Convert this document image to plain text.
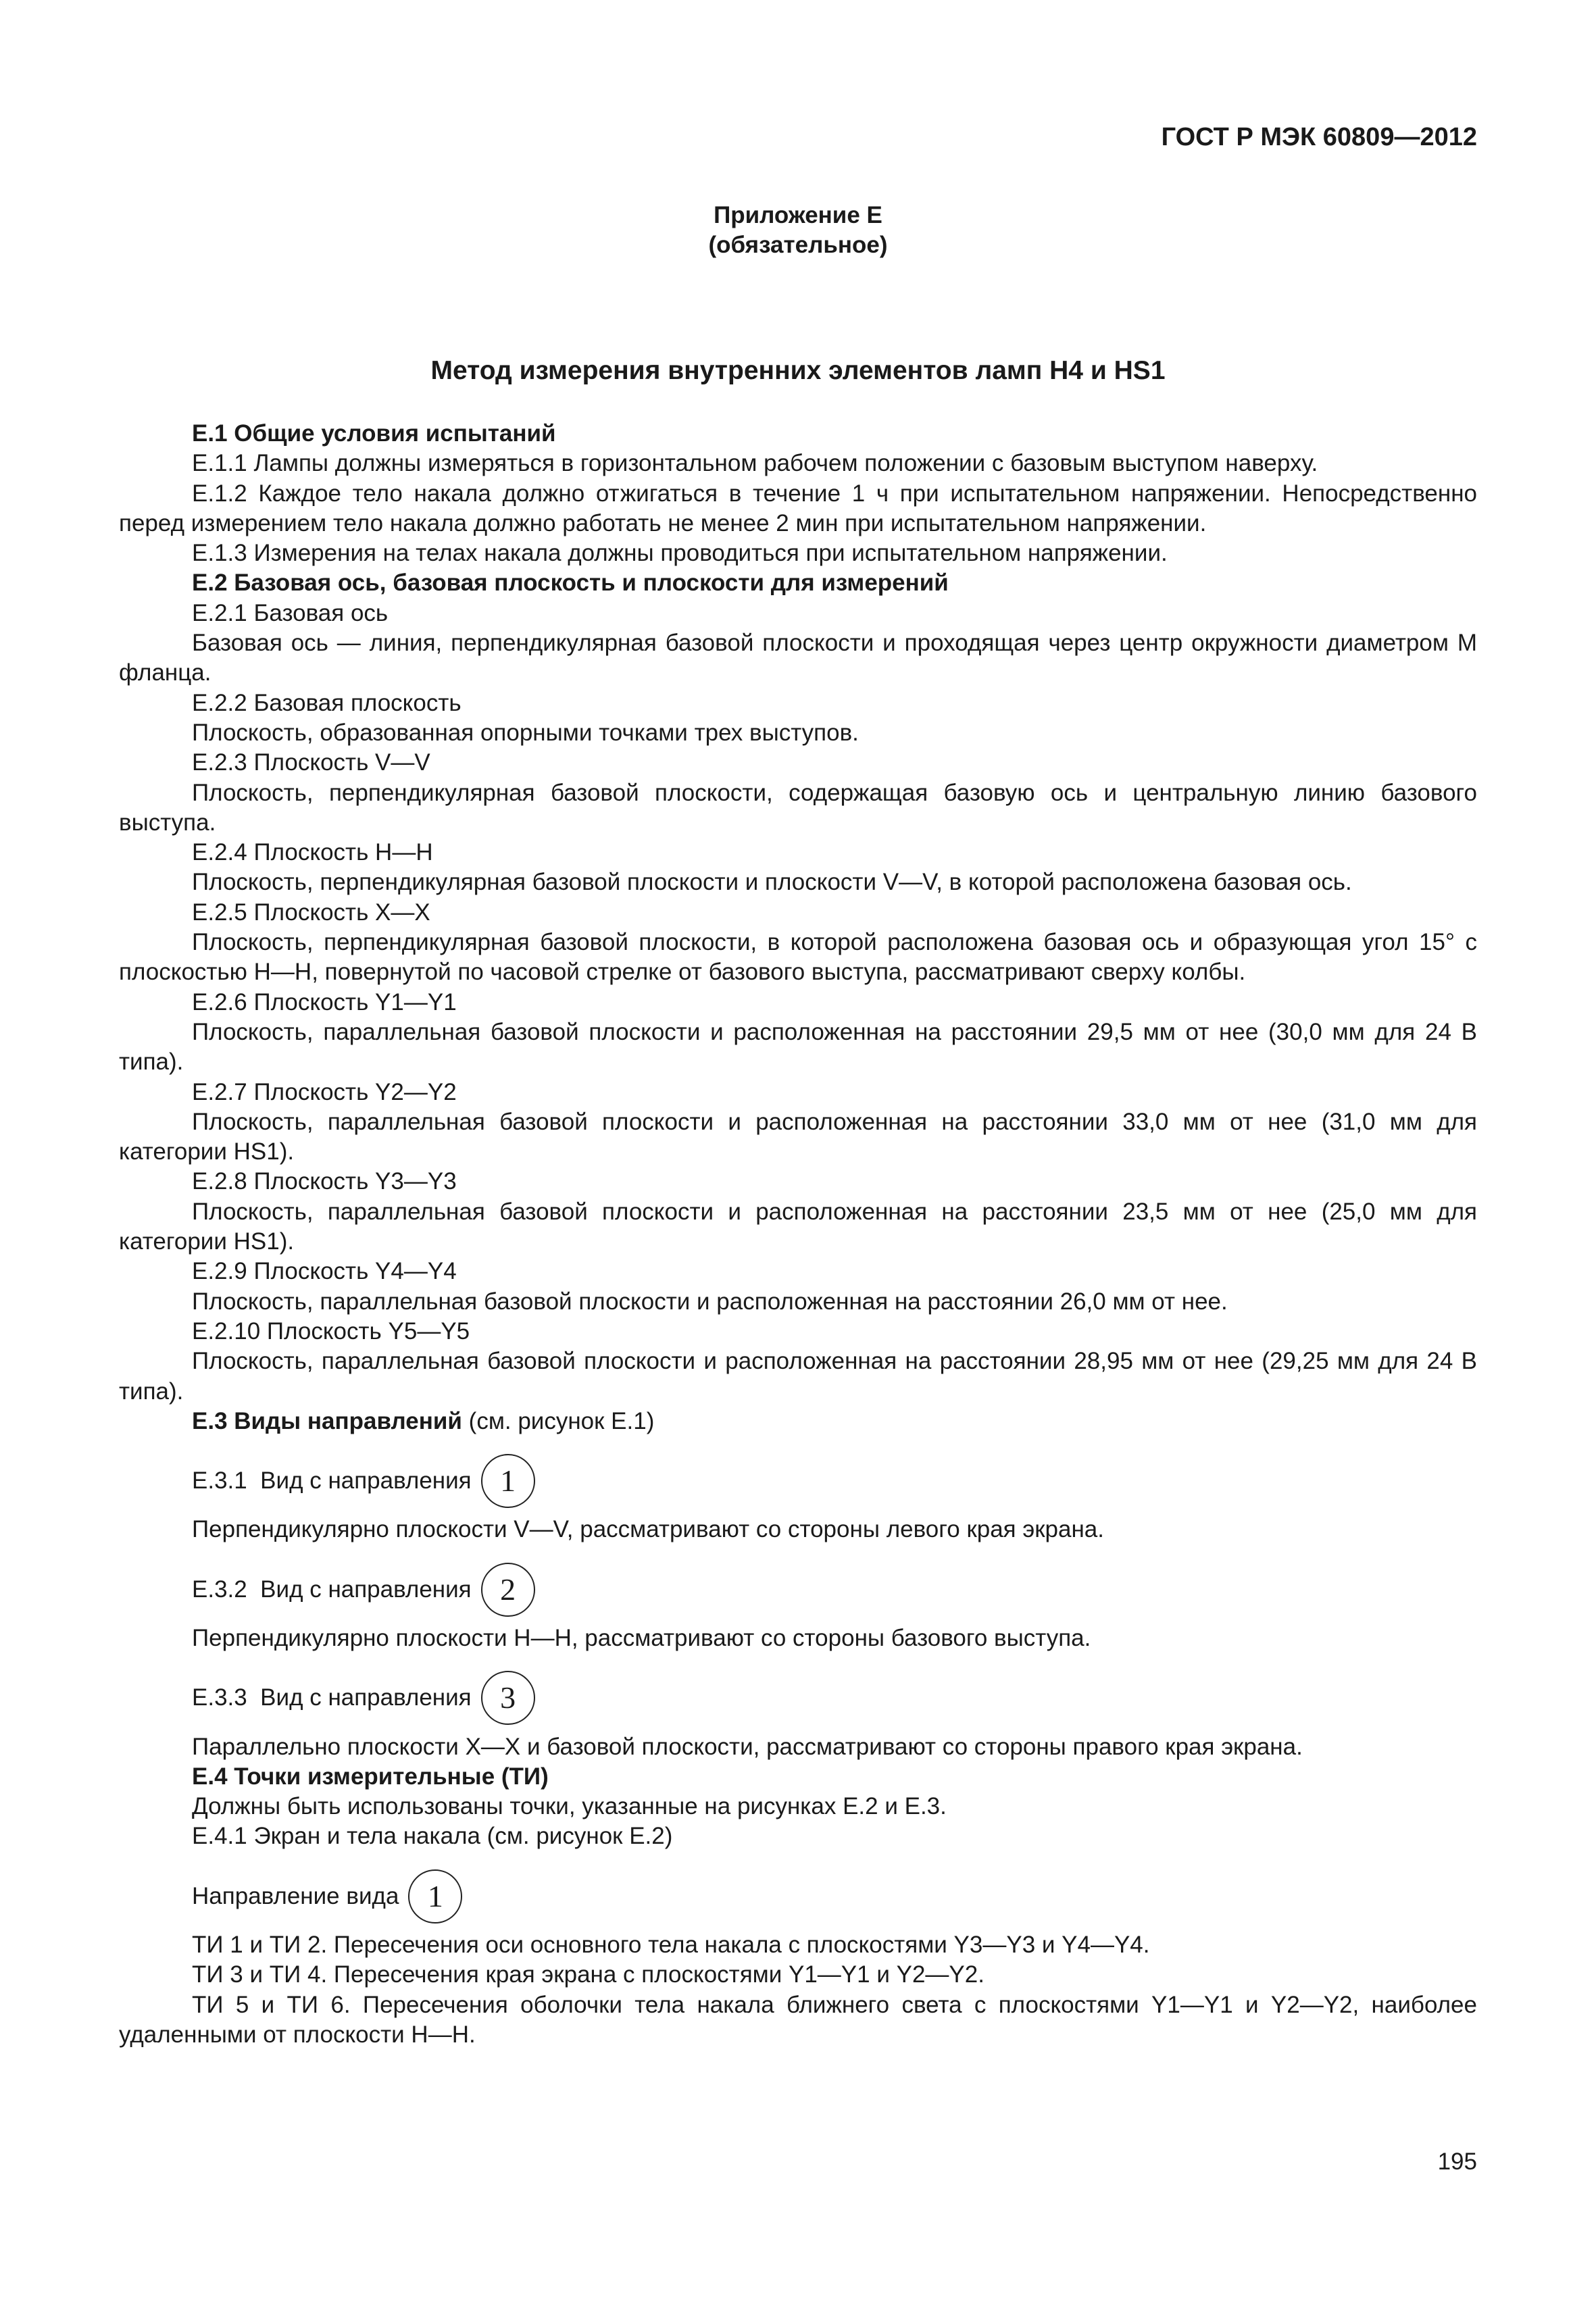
ГОСТ Р МЭК 60809—2012
Приложение Е
(обязательное)
Метод измерения внутренних элементов ламп Н4 и HS1

Е.1 Общие условия испытаний

Е.1.1 Лампы должны измеряться в горизонтальном рабочем положении с базовым выступом наверху.

Е.1.2 Каждое тело накала должно отжигаться в течение 1 ч при испытательном напряжении. Непосредственно перед измерением тело накала должно работать не менее 2 мин при испытательном напряжении.

Е.1.3 Измерения на телах накала должны проводиться при испытательном напряжении.

Е.2 Базовая ось, базовая плоскость и плоскости для измерений

Е.2.1 Базовая ось

Базовая ось — линия, перпендикулярная базовой плоскости и проходящая через центр окружности диаметром М фланца.

Е.2.2 Базовая плоскость

Плоскость, образованная опорными точками трех выступов.

Е.2.3 Плоскость V—V

Плоскость, перпендикулярная базовой плоскости, содержащая базовую ось и центральную линию базового выступа.

Е.2.4 Плоскость Н—Н

Плоскость, перпендикулярная базовой плоскости и плоскости V—V, в которой расположена базовая ось.

Е.2.5 Плоскость X—X

Плоскость, перпендикулярная базовой плоскости, в которой расположена базовая ось и образующая угол 15° с плоскостью Н—Н, повернутой по часовой стрелке от базового выступа, рассматривают сверху колбы.

Е.2.6 Плоскость Y1—Y1

Плоскость, параллельная базовой плоскости и расположенная на расстоянии 29,5 мм от нее (30,0 мм для 24 В типа).

Е.2.7 Плоскость Y2—Y2

Плоскость, параллельная базовой плоскости и расположенная на расстоянии 33,0 мм от нее (31,0 мм для категории HS1).

Е.2.8 Плоскость Y3—Y3

Плоскость, параллельная базовой плоскости и расположенная на расстоянии 23,5 мм от нее (25,0 мм для категории HS1).

Е.2.9 Плоскость Y4—Y4

Плоскость, параллельная базовой плоскости и расположенная на расстоянии 26,0 мм от нее.

Е.2.10 Плоскость Y5—Y5

Плоскость, параллельная базовой плоскости и расположенная на расстоянии 28,95 мм от нее (29,25 мм для 24 В типа).

Е.3 Виды направлений (см. рисунок Е.1)

Е.3.1  Вид с направления 1

Перпендикулярно плоскости V—V, рассматривают со стороны левого края экрана.

Е.3.2  Вид с направления 2

Перпендикулярно плоскости Н—Н, рассматривают со стороны базового выступа.

Е.3.3  Вид с направления 3

Параллельно плоскости X—X и базовой плоскости, рассматривают со стороны правого края экрана.

Е.4 Точки измерительные (ТИ)

Должны быть использованы точки, указанные на рисунках Е.2 и Е.3.

Е.4.1 Экран и тела накала (см. рисунок Е.2)

Направление вида 1

ТИ 1 и ТИ 2. Пересечения оси основного тела накала с плоскостями Y3—Y3 и Y4—Y4.

ТИ 3 и ТИ 4. Пересечения края экрана с плоскостями Y1—Y1 и Y2—Y2.

ТИ 5 и ТИ 6. Пересечения оболочки тела накала ближнего света с плоскостями Y1—Y1 и Y2—Y2, наиболее удаленными от плоскости Н—Н.

195
